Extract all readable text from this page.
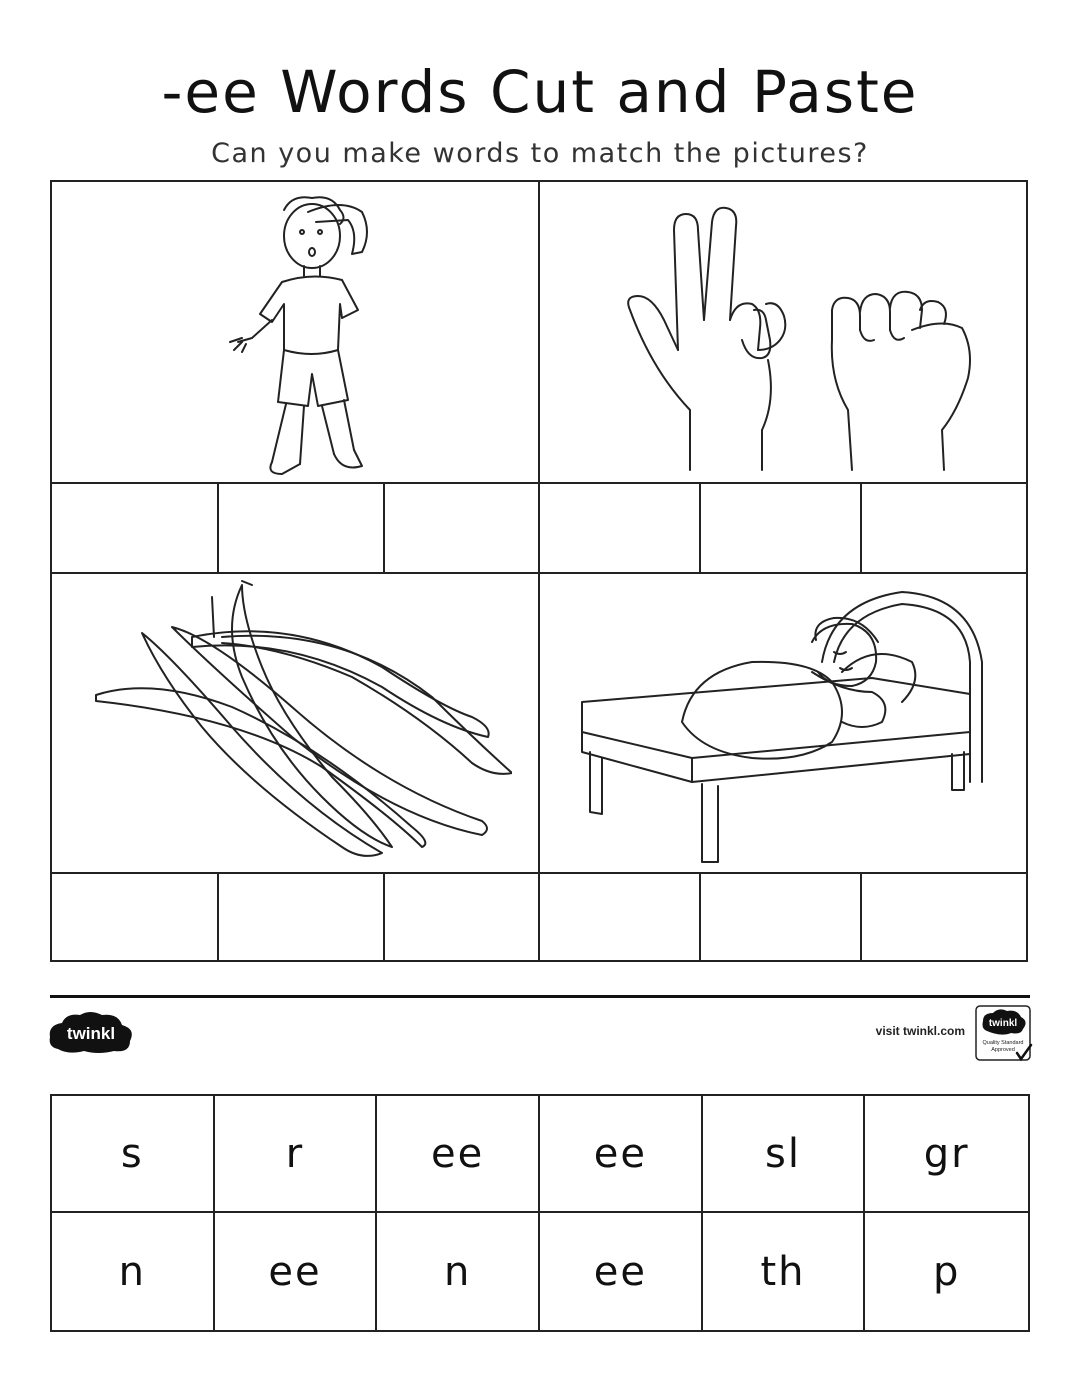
-ee Words Cut and Paste
Can you make words to match the pictures?
twinkl	visit twinkl.com
twinkl
Quality Standard
Approved
s	r	ee	ee	sl	gr
n	ee	n	ee	th	p
